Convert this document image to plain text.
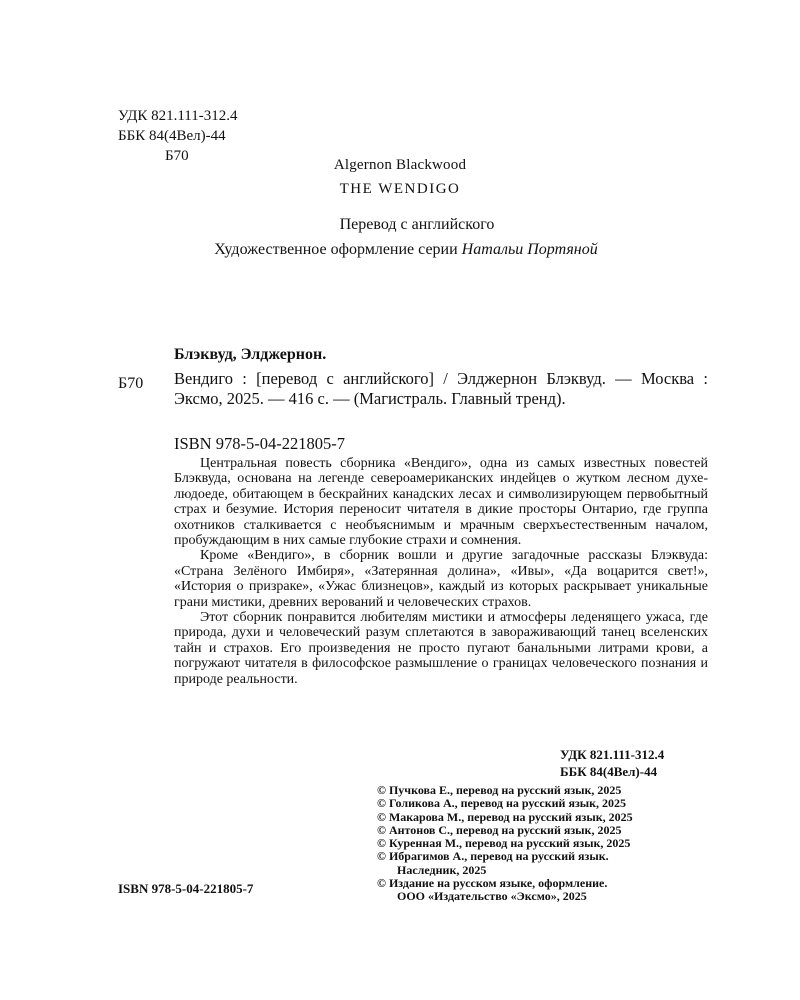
УДК 821.111-312.4
ББК 84(4Вел)-44
Б70
Algernon Blackwood
THE WENDIGO
Перевод с английского
Художественное оформление серии Натальи Портяной
Блэквуд, Элджернон.
Б70 Вендиго : [перевод с английского] / Элджернон Блэквуд. — Москва : Эксмо, 2025. — 416 с. — (Магистраль. Главный тренд).
ISBN 978-5-04-221805-7

Центральная повесть сборника «Вендиго», одна из самых известных повестей Блэквуда, основана на легенде североамериканских индейцев о жутком лесном духе-людоеде, обитающем в бескрайних канадских лесах и символизирующем первобытный страх и безумие. История переносит читателя в дикие просторы Онтарио, где группа охотников сталкивается с необъяснимым и мрачным сверхъестественным началом, пробуждающим в них самые глубокие страхи и сомнения.

Кроме «Вендиго», в сборник вошли и другие загадочные рассказы Блэквуда: «Страна Зелёного Имбиря», «Затерянная долина», «Ивы», «Да воцарится свет!», «История о призраке», «Ужас близнецов», каждый из которых раскрывает уникальные грани мистики, древних верований и человеческих страхов.

Этот сборник понравится любителям мистики и атмосферы леденящего ужаса, где природа, духи и человеческий разум сплетаются в завораживающий танец вселенских тайн и страхов. Его произведения не просто пугают банальными литрами крови, а погружают читателя в философское размышление о границах человеческого познания и природе реальности.

УДК 821.111-312.4
ББК 84(4Вел)-44
© Пучкова Е., перевод на русский язык, 2025
© Голикова А., перевод на русский язык, 2025
© Макарова М., перевод на русский язык, 2025
© Антонов С., перевод на русский язык, 2025
© Куренная М., перевод на русский язык, 2025
© Ибрагимов А., перевод на русский язык.
Наследник, 2025
© Издание на русском языке, оформление.
ООО «Издательство «Эксмо», 2025
ISBN 978-5-04-221805-7
